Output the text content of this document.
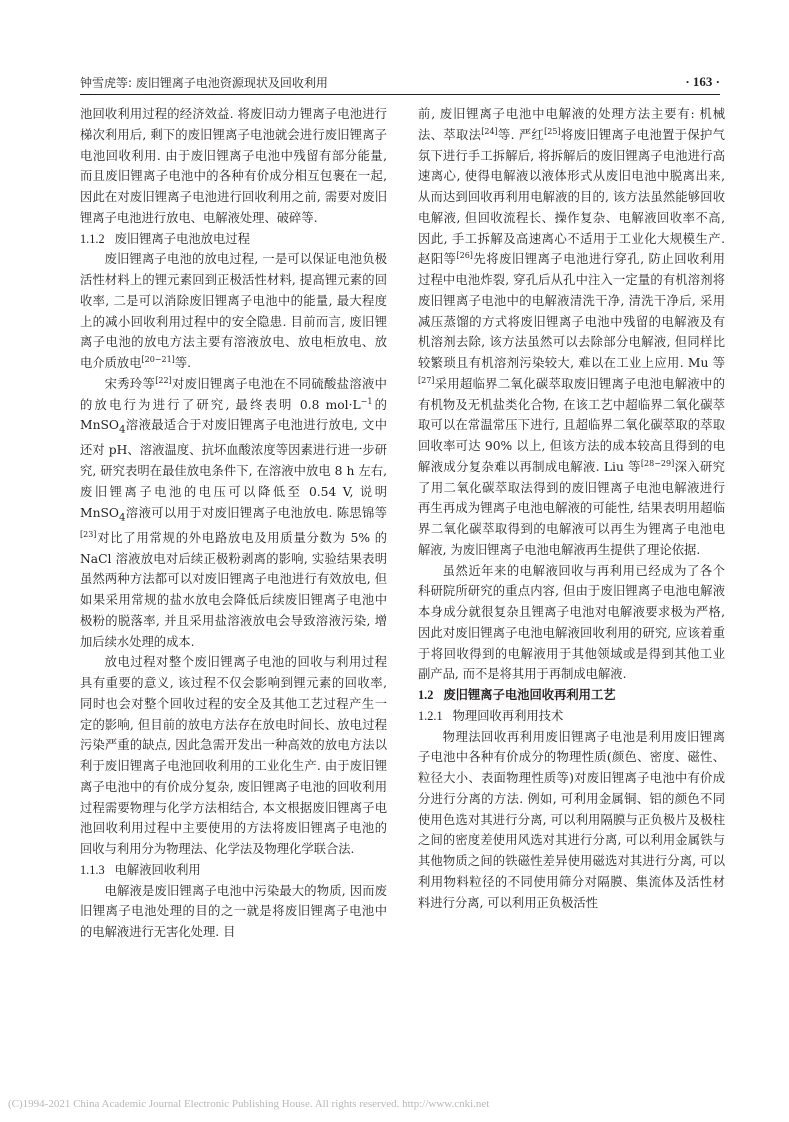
钟雪虎等: 废旧锂离子电池资源现状及回收利用	· 163 ·

池回收利用过程的经济效益. 将废旧动力锂离子电池进行梯次利用后, 剩下的废旧锂离子电池就会进行废旧锂离子电池回收利用. 由于废旧锂离子电池中残留有部分能量, 而且废旧锂离子电池中的各种有价成分相互包裹在一起, 因此在对废旧锂离子电池进行回收利用之前, 需要对废旧锂离子电池进行放电、电解液处理、破碎等.

1.1.2 废旧锂离子电池放电过程

废旧锂离子电池的放电过程, 一是可以保证电池负极活性材料上的锂元素回到正极活性材料, 提高锂元素的回收率, 二是可以消除废旧锂离子电池中的能量, 最大程度上的减小回收利用过程中的安全隐患. 目前而言, 废旧锂离子电池的放电方法主要有溶液放电、放电柜放电、放电介质放电[20−21]等.

宋秀玲等[22]对废旧锂离子电池在不同硫酸盐溶液中的放电行为进行了研究, 最终表明 0.8 $mol\cdot L^{-1}$的 MnSO$_4$溶液最适合于对废旧锂离子电池进行放电, 文中还对 pH、溶液温度、抗坏血酸浓度等因素进行进一步研究, 研究表明在最佳放电条件下, 在溶液中放电 8 h 左右, 废旧锂离子电池的电压可以降低至 0.54 V, 说明 MnSO$_4$溶液可以用于对废旧锂离子电池放电. 陈思锦等[23]对比了用常规的外电路放电及用质量分数为 5% 的 NaCl 溶液放电对后续正极粉剥离的影响, 实验结果表明虽然两种方法都可以对废旧锂离子电池进行有效放电, 但如果采用常规的盐水放电会降低后续废旧锂离子电池中极粉的脱落率, 并且采用盐溶液放电会导致溶液污染, 增加后续水处理的成本.

放电过程对整个废旧锂离子电池的回收与利用过程具有重要的意义, 该过程不仅会影响到锂元素的回收率, 同时也会对整个回收过程的安全及其他工艺过程产生一定的影响, 但目前的放电方法存在放电时间长、放电过程污染严重的缺点, 因此急需开发出一种高效的放电方法以利于废旧锂离子电池回收利用的工业化生产. 由于废旧锂离子电池中的有价成分复杂, 废旧锂离子电池的回收利用过程需要物理与化学方法相结合, 本文根据废旧锂离子电池回收利用过程中主要使用的方法将废旧锂离子电池的回收与利用分为物理法、化学法及物理化学联合法.

1.1.3 电解液回收利用

电解液是废旧锂离子电池中污染最大的物质, 因而废旧锂离子电池处理的目的之一就是将废旧锂离子电池中的电解液进行无害化处理. 目

前, 废旧锂离子电池中电解液的处理方法主要有: 机械法、萃取法[24]等. 严红[25]将废旧锂离子电池置于保护气氛下进行手工拆解后, 将拆解后的废旧锂离子电池进行高速离心, 使得电解液以液体形式从废旧电池中脱离出来, 从而达到回收再利用电解液的目的, 该方法虽然能够回收电解液, 但回收流程长、操作复杂、电解液回收率不高, 因此, 手工拆解及高速离心不适用于工业化大规模生产. 赵阳等[26]先将废旧锂离子电池进行穿孔, 防止回收利用过程中电池炸裂, 穿孔后从孔中注入一定量的有机溶剂将废旧锂离子电池中的电解液清洗干净, 清洗干净后, 采用减压蒸馏的方式将废旧锂离子电池中残留的电解液及有机溶剂去除, 该方法虽然可以去除部分电解液, 但同样比较繁琐且有机溶剂污染较大, 难以在工业上应用. Mu 等[27]采用超临界二氧化碳萃取废旧锂离子电池电解液中的有机物及无机盐类化合物, 在该工艺中超临界二氧化碳萃取可以在常温常压下进行, 且超临界二氧化碳萃取的萃取回收率可达 90% 以上, 但该方法的成本较高且得到的电解液成分复杂难以再制成电解液. Liu 等[28−29]深入研究了用二氧化碳萃取法得到的废旧锂离子电池电解液进行再生再成为锂离子电池电解液的可能性, 结果表明用超临界二氧化碳萃取得到的电解液可以再生为锂离子电池电解液, 为废旧锂离子电池电解液再生提供了理论依据.

虽然近年来的电解液回收与再利用已经成为了各个科研院所研究的重点内容, 但由于废旧锂离子电池电解液本身成分就很复杂且锂离子电池对电解液要求极为严格, 因此对废旧锂离子电池电解液回收利用的研究, 应该着重于将回收得到的电解液用于其他领域或是得到其他工业副产品, 而不是将其用于再制成电解液.

1.2 废旧锂离子电池回收再利用工艺
1.2.1 物理回收再利用技术

物理法回收再利用废旧锂离子电池是利用废旧锂离子电池中各种有价成分的物理性质(颜色、密度、磁性、粒径大小、表面物理性质等)对废旧锂离子电池中有价成分进行分离的方法. 例如, 可利用金属铜、铝的颜色不同使用色选对其进行分离, 可以利用隔膜与正负极片及极柱之间的密度差使用风选对其进行分离, 可以利用金属铁与其他物质之间的铁磁性差异使用磁选对其进行分离, 可以利用物料粒径的不同使用筛分对隔膜、集流体及活性材料进行分离, 可以利用正负极活性

(C)1994-2021 China Academic Journal Electronic Publishing House. All rights reserved. http://www.cnki.net
